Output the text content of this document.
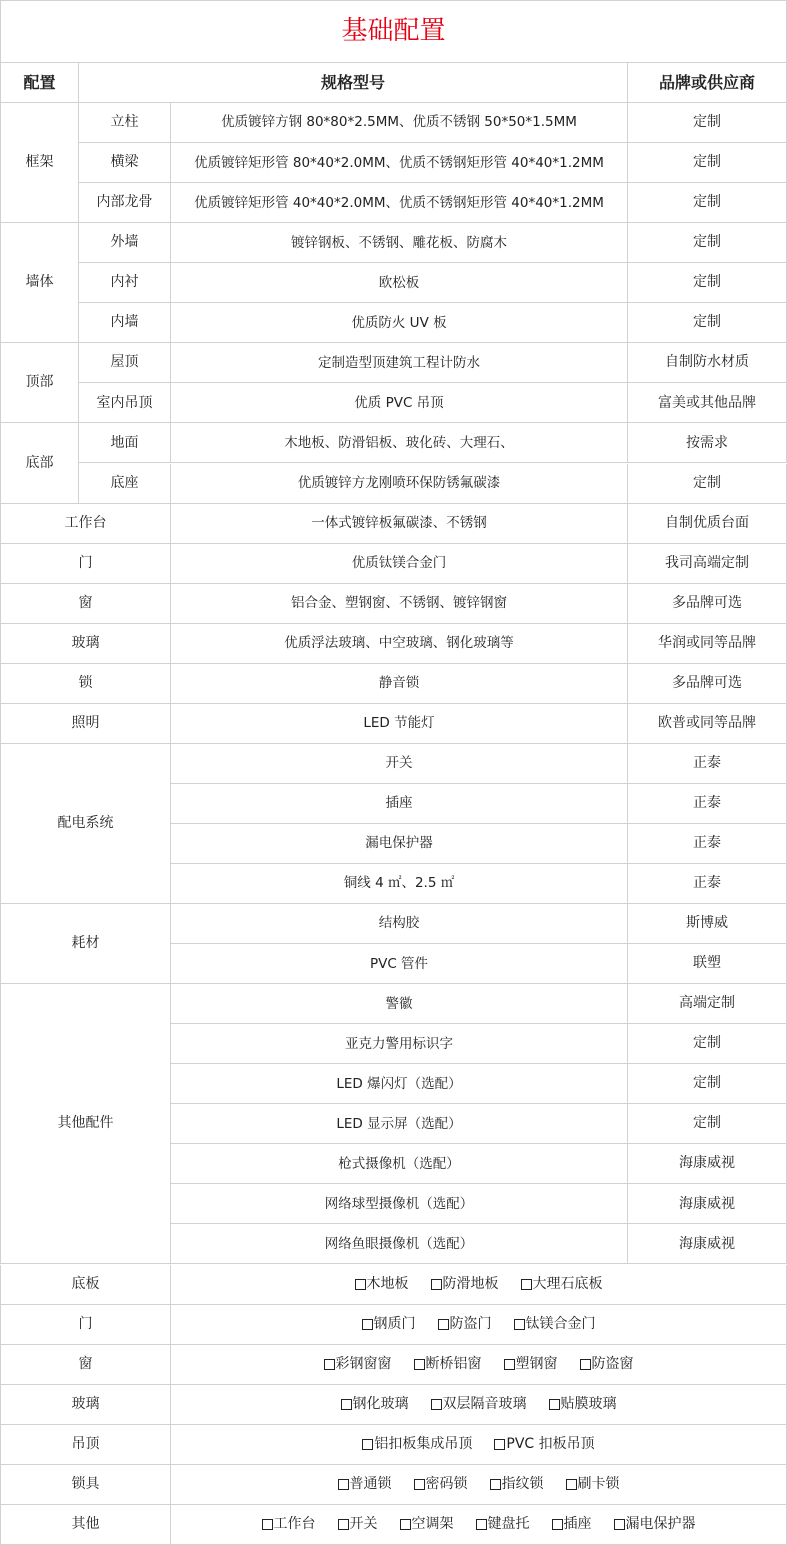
基础配置
配置	规格型号	品牌或供应商
框架
立柱	优质镀锌方钢 80*80*2.5MM、优质不锈钢 50*50*1.5MM	定制
横梁	优质镀锌矩形管 80*40*2.0MM、优质不锈钢矩形管 40*40*1.2MM	定制
内部龙骨	优质镀锌矩形管 40*40*2.0MM、优质不锈钢矩形管 40*40*1.2MM	定制
墙体
外墙	镀锌钢板、不锈钢、雕花板、防腐木	定制
内衬	欧松板	定制
内墙	优质防火 UV 板	定制
顶部
屋顶	定制造型顶建筑工程计防水	自制防水材质
室内吊顶	优质 PVC 吊顶	富美或其他品牌
底部
地面	木地板、防滑铝板、玻化砖、大理石、	按需求
底座	优质镀锌方龙刚喷环保防锈氟碳漆	定制
工作台	一体式镀锌板氟碳漆、不锈钢	自制优质台面
门	优质钛镁合金门	我司高端定制
窗	铝合金、塑钢窗、不锈钢、镀锌钢窗	多品牌可选
玻璃	优质浮法玻璃、中空玻璃、钢化玻璃等	华润或同等品牌
锁	静音锁	多品牌可选
照明	LED 节能灯	欧普或同等品牌
配电系统
开关	正泰
插座	正泰
漏电保护器	正泰
铜线 4 ㎡、2.5 ㎡	正泰
耗材
结构胶	斯博威
PVC 管件	联塑
其他配件
警徽	高端定制
亚克力警用标识字	定制
LED 爆闪灯（选配）	定制
LED 显示屏（选配）	定制
枪式摄像机（选配）	海康威视
网络球型摄像机（选配）	海康威视
网络鱼眼摄像机（选配）	海康威视
底板	木地板 防滑地板 大理石底板
门	钢质门 防盗门 钛镁合金门
窗	彩钢窗窗 断桥铝窗 塑钢窗 防盗窗
玻璃	钢化玻璃 双层隔音玻璃 贴膜玻璃
吊顶	铝扣板集成吊顶 PVC 扣板吊顶
锁具	普通锁 密码锁 指纹锁 刷卡锁
其他	工作台 开关 空调架 键盘托 插座 漏电保护器
